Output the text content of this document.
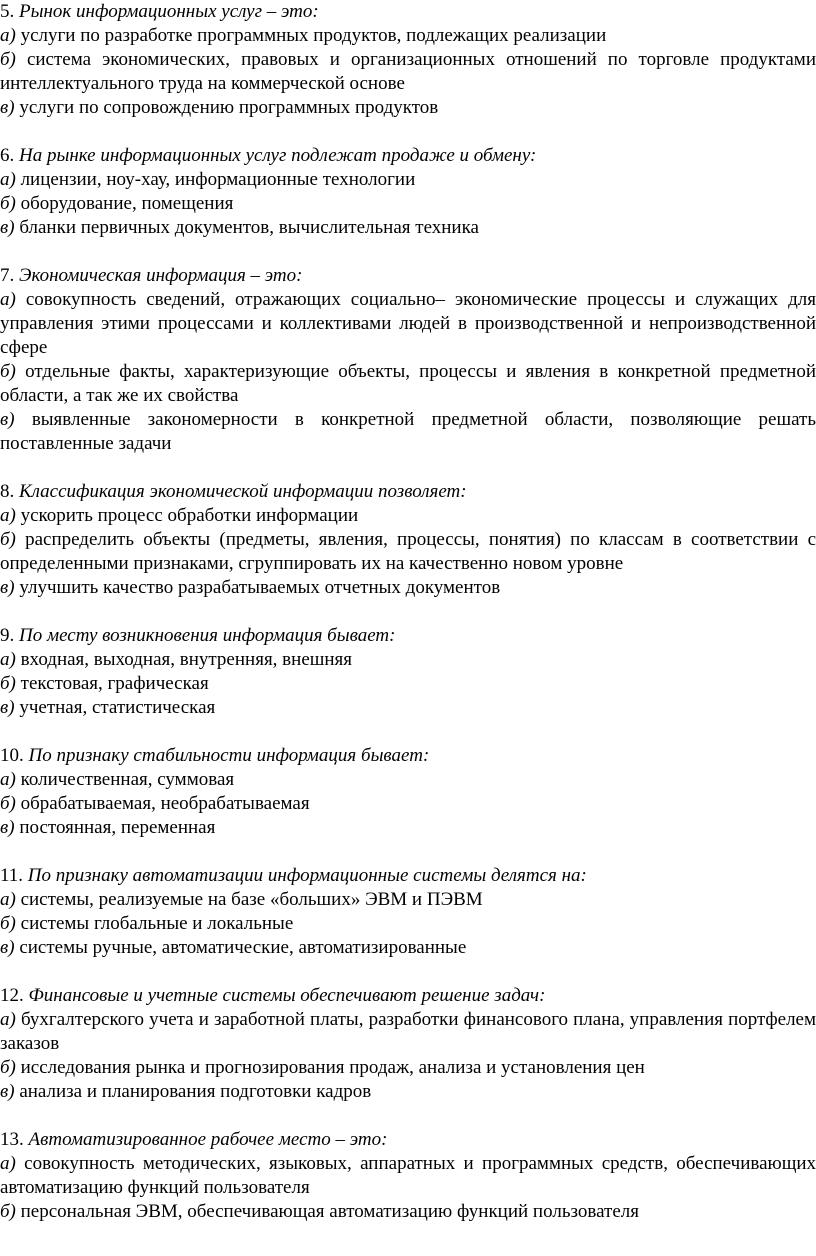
5. Рынок информационных услуг – это:

а) услуги по разработке программных продуктов, подлежащих реализации

б) система экономических, правовых и организационных отношений по торговле продуктами интеллектуального труда на коммерческой основе

в) услуги по сопровождению программных продуктов

6. На рынке информационных услуг подлежат продаже и обмену:

а) лицензии, ноу-хау, информационные технологии

б) оборудование, помещения

в) бланки первичных документов, вычислительная техника

7. Экономическая информация – это:

а) совокупность сведений, отражающих социально– экономические процессы и служащих для управления этими процессами и коллективами людей в производственной и непроизводственной сфере

б) отдельные факты, характеризующие объекты, процессы и явления в конкретной предметной области, а так же их свойства

в) выявленные закономерности в конкретной предметной области, позволяющие решать поставленные задачи

8. Классификация экономической информации позволяет:

а) ускорить процесс обработки информации

б) распределить объекты (предметы, явления, процессы, понятия) по классам в соответствии с определенными признаками, сгруппировать их на качественно новом уровне

в) улучшить качество разрабатываемых отчетных документов

9. По месту возникновения информация бывает:

а) входная, выходная, внутренняя, внешняя

б) текстовая, графическая

в) учетная, статистическая

10. По признаку стабильности информация бывает:

а) количественная, суммовая

б) обрабатываемая, необрабатываемая

в) постоянная, переменная

11. По признаку автоматизации информационные системы делятся на:

а) системы, реализуемые на базе «больших» ЭВМ и ПЭВМ

б) системы глобальные и локальные

в) системы ручные, автоматические, автоматизированные

12. Финансовые и учетные системы обеспечивают решение задач:

а) бухгалтерского учета и заработной платы, разработки финансового плана, управления портфелем заказов

б) исследования рынка и прогнозирования продаж, анализа и установления цен

в) анализа и планирования подготовки кадров

13. Автоматизированное рабочее место – это:

а) совокупность методических, языковых, аппаратных и программных средств, обеспечивающих автоматизацию функций пользователя

б) персональная ЭВМ, обеспечивающая автоматизацию функций пользователя
